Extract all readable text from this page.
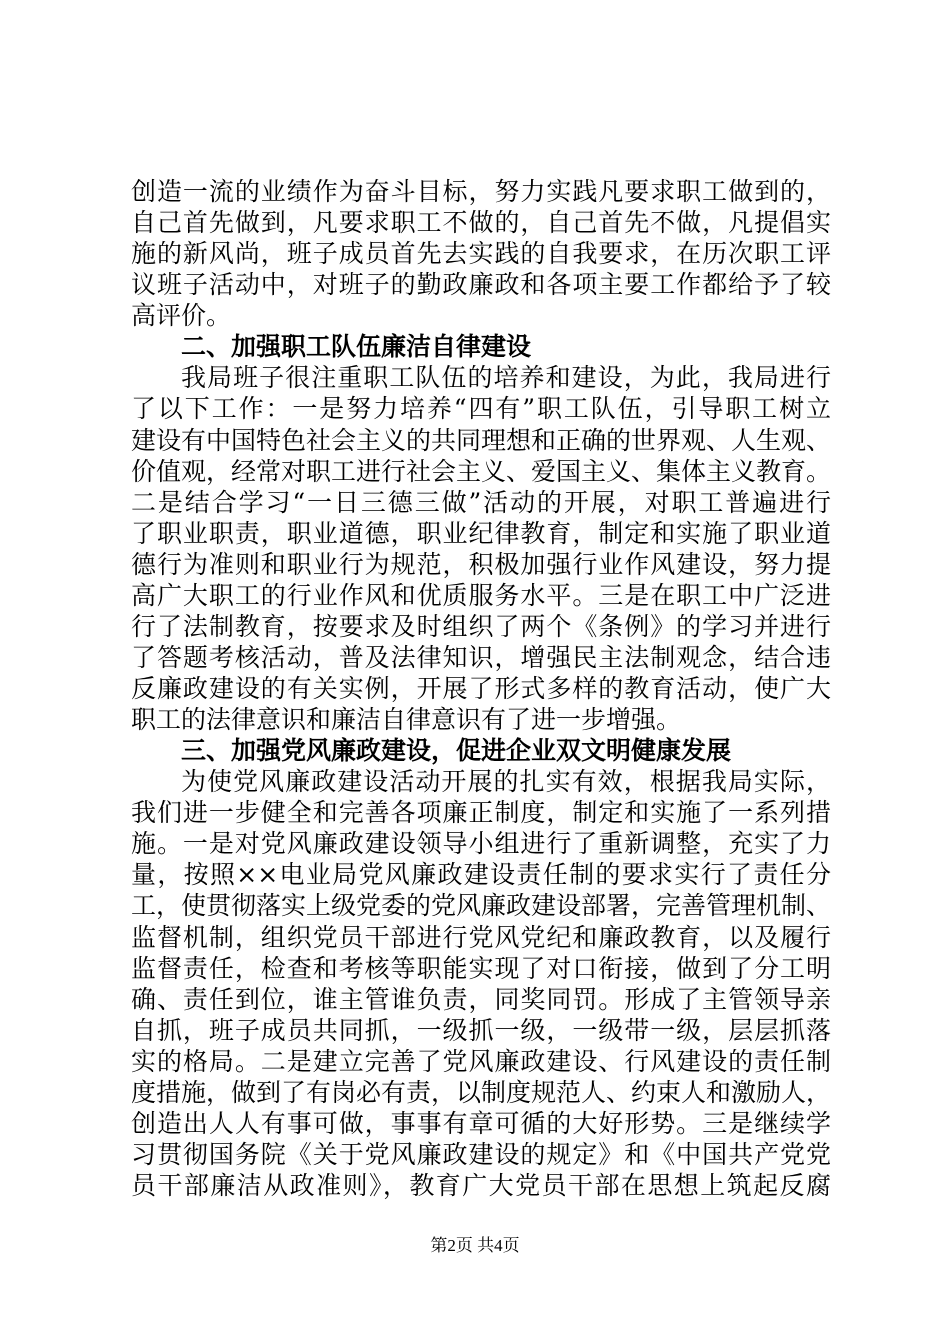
创造一流的业绩作为奋斗目标，努力实践凡要求职工做到的，
自己首先做到，凡要求职工不做的，自己首先不做，凡提倡实
施的新风尚，班子成员首先去实践的自我要求，在历次职工评
议班子活动中，对班子的勤政廉政和各项主要工作都给予了较
高评价。
二、加强职工队伍廉洁自律建设
我局班子很注重职工队伍的培养和建设，为此，我局进行
了以下工作：一是努力培养“四有”职工队伍，引导职工树立
建设有中国特色社会主义的共同理想和正确的世界观、人生观、
价值观，经常对职工进行社会主义、爱国主义、集体主义教育。
二是结合学习“一日三德三做”活动的开展，对职工普遍进行
了职业职责，职业道德，职业纪律教育，制定和实施了职业道
德行为准则和职业行为规范，积极加强行业作风建设，努力提
高广大职工的行业作风和优质服务水平。三是在职工中广泛进
行了法制教育，按要求及时组织了两个《条例》的学习并进行
了答题考核活动，普及法律知识，增强民主法制观念，结合违
反廉政建设的有关实例，开展了形式多样的教育活动，使广大
职工的法律意识和廉洁自律意识有了进一步增强。
三、加强党风廉政建设，促进企业双文明健康发展
为使党风廉政建设活动开展的扎实有效，根据我局实际，
我们进一步健全和完善各项廉正制度，制定和实施了一系列措
施。一是对党风廉政建设领导小组进行了重新调整，充实了力
量，按照××电业局党风廉政建设责任制的要求实行了责任分
工，使贯彻落实上级党委的党风廉政建设部署，完善管理机制、
监督机制，组织党员干部进行党风党纪和廉政教育，以及履行
监督责任，检查和考核等职能实现了对口衔接，做到了分工明
确、责任到位，谁主管谁负责，同奖同罚。形成了主管领导亲
自抓，班子成员共同抓，一级抓一级，一级带一级，层层抓落
实的格局。二是建立完善了党风廉政建设、行风建设的责任制
度措施，做到了有岗必有责，以制度规范人、约束人和激励人，
创造出人人有事可做，事事有章可循的大好形势。三是继续学
习贯彻国务院《关于党风廉政建设的规定》和《中国共产党党
员干部廉洁从政准则》，教育广大党员干部在思想上筑起反腐
第2页 共4页
